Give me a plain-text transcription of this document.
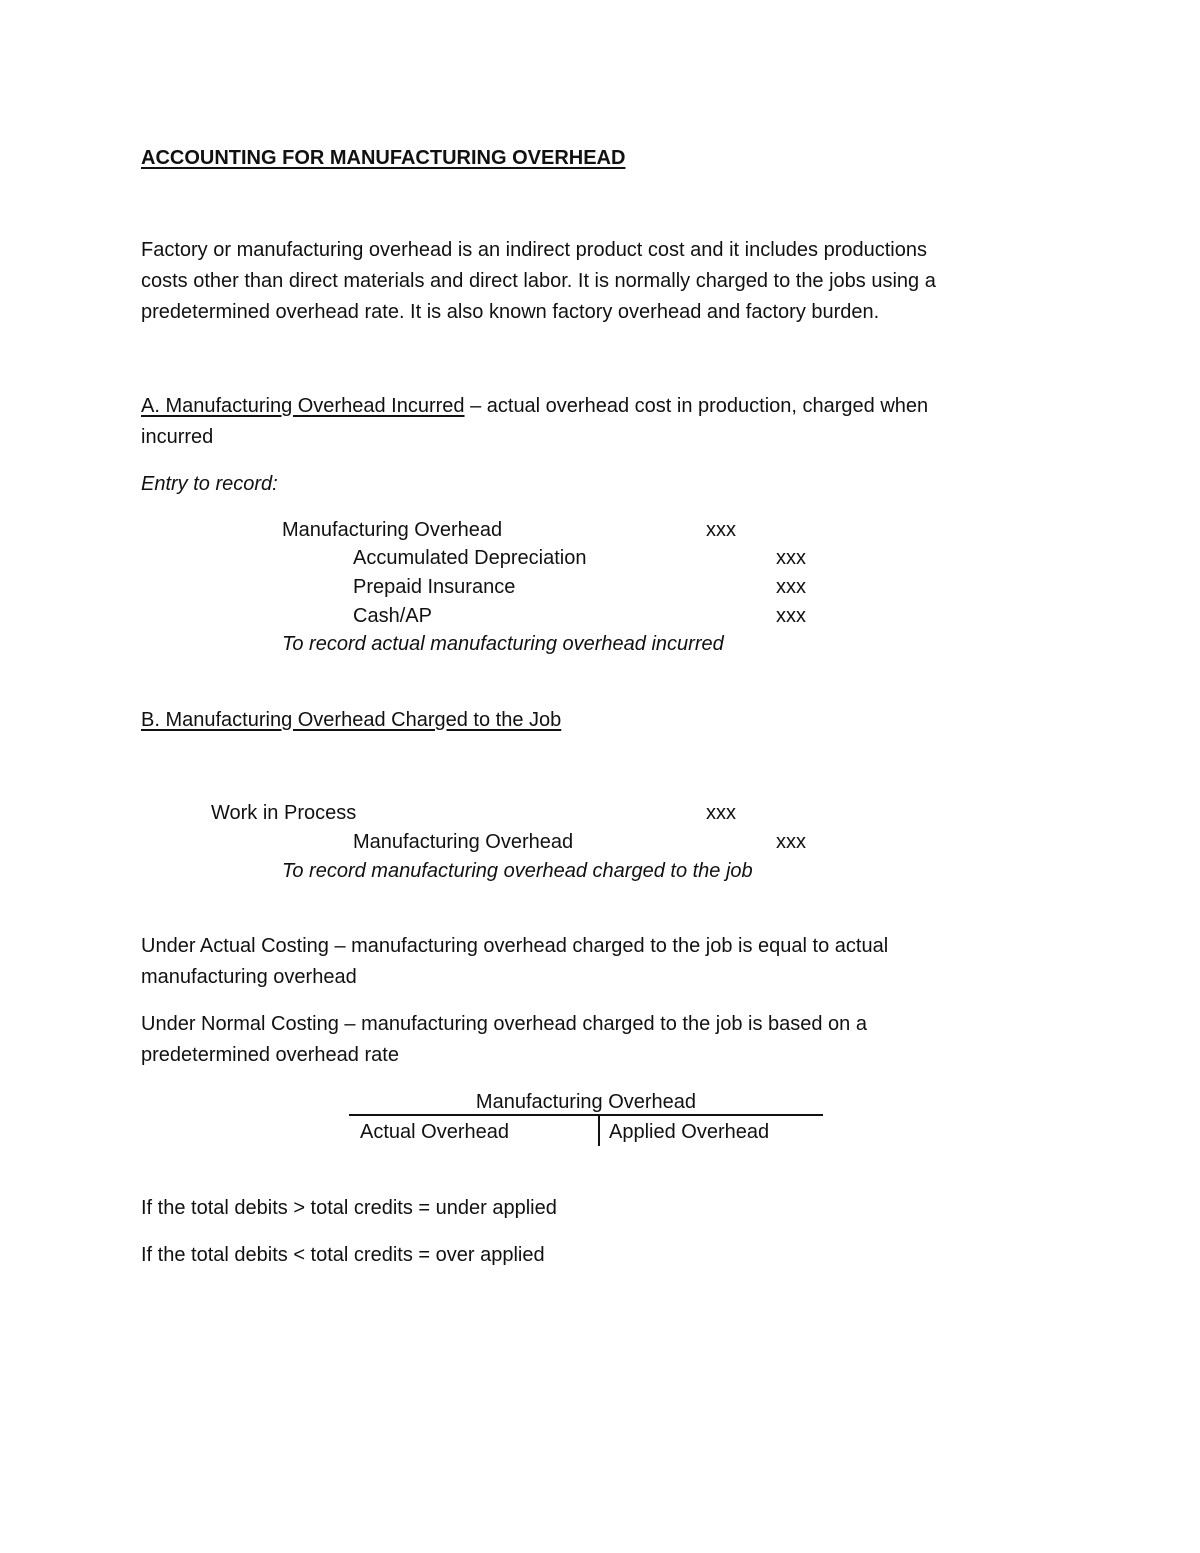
ACCOUNTING FOR MANUFACTURING OVERHEAD
Factory or manufacturing overhead is an indirect product cost and it includes productions
costs other than direct materials and direct labor. It is normally charged to the jobs using a
predetermined overhead rate. It is also known factory overhead and factory burden.
A. Manufacturing Overhead Incurred – actual overhead cost in production, charged when
incurred
Entry to record:
Manufacturing Overhead	xxx
Accumulated Depreciation	xxx
Prepaid Insurance	xxx
Cash/AP	xxx
To record actual manufacturing overhead incurred
B. Manufacturing Overhead Charged to the Job
Work in Process	xxx
Manufacturing Overhead	xxx
To record manufacturing overhead charged to the job
Under Actual Costing – manufacturing overhead charged to the job is equal to actual
manufacturing overhead
Under Normal Costing – manufacturing overhead charged to the job is based on a
predetermined overhead rate
Manufacturing Overhead
Actual Overhead	Applied Overhead
If the total debits > total credits = under applied
If the total debits < total credits = over applied
